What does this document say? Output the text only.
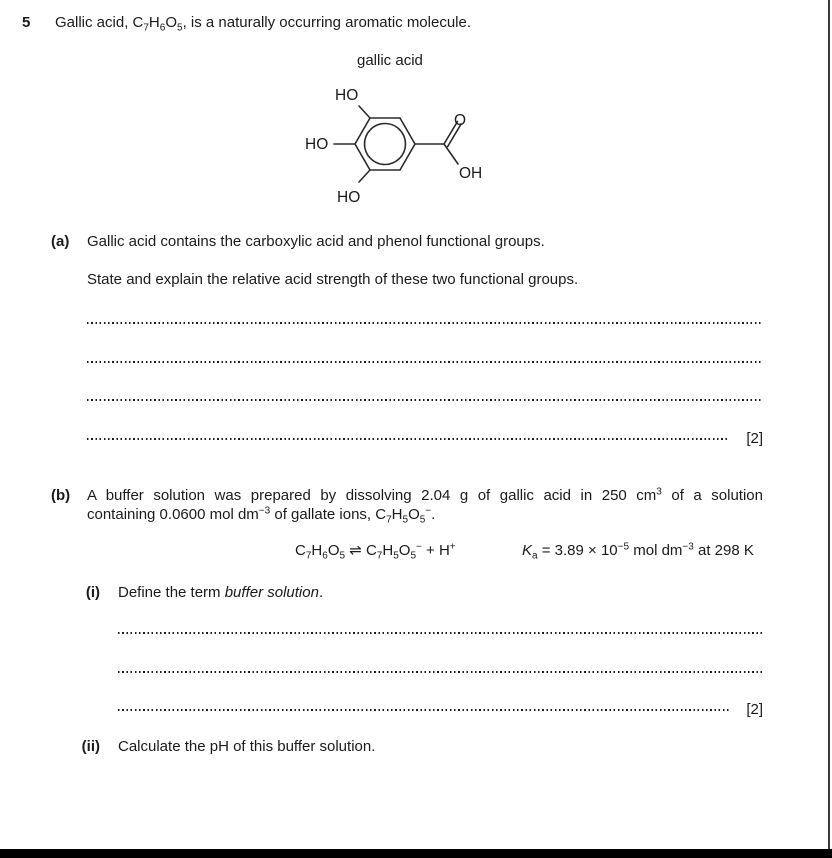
5 Gallic acid, $C_7H_6O_5$, is a naturally occurring aromatic molecule.
gallic acid
HO
HO
HO
O
OH
(a) Gallic acid contains the carboxylic acid and phenol functional groups.
State and explain the relative acid strength of these two functional groups.
[2]
(b) A buffer solution was prepared by dissolving 2.04 g of gallic acid in 250 $cm^3$ of a solution
containing 0.0600 mol $dm^{-3}$ of gallate ions, $C_7H_5O_5^-$.
$C_7H_6O_5$ ⇌ $C_7H_5O_5^- + H^+$	$K_a = 3.89 \times 10^{-5}$ mol $dm^{-3}$ at 298 K
(i) Define the term buffer solution.
[2]
(ii) Calculate the pH of this buffer solution.
